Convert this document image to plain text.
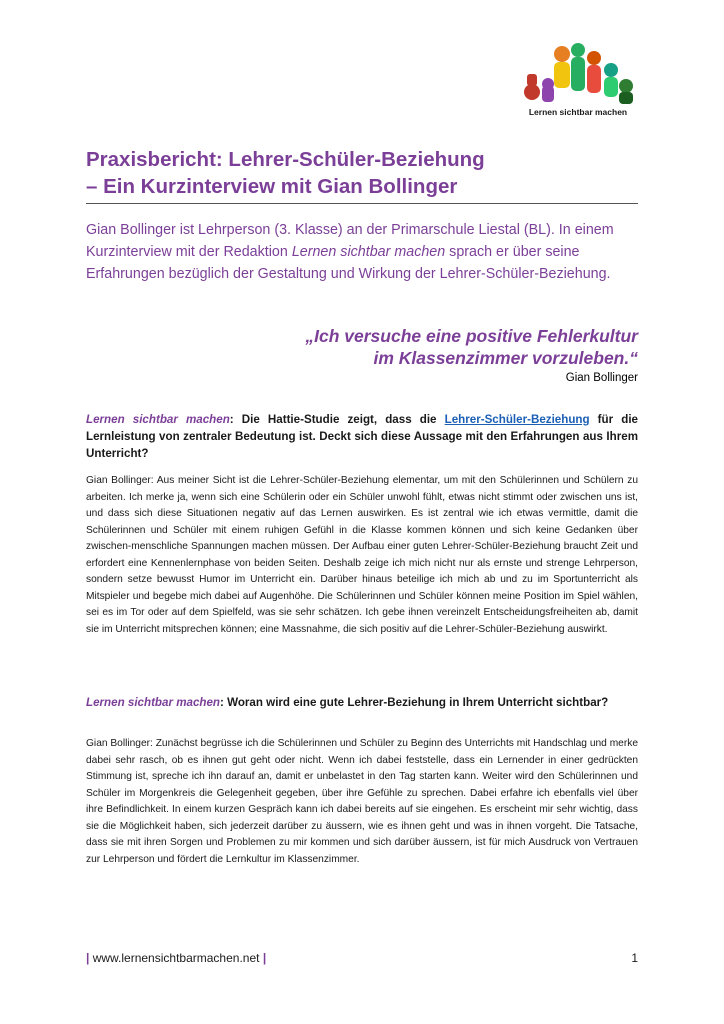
Lernen sichtbar machen
Praxisbericht: Lehrer-Schüler-Beziehung
– Ein Kurzinterview mit Gian Bollinger
Gian Bollinger ist Lehrperson (3. Klasse) an der Primarschule Liestal (BL). In einem Kurzinterview mit der Redaktion Lernen sichtbar machen sprach er über seine Erfahrungen bezüglich der Gestaltung und Wirkung der Lehrer-Schüler-Beziehung.
„Ich versuche eine positive Fehlerkultur
im Klassenzimmer vorzuleben.“
Gian Bollinger
Lernen sichtbar machen: Die Hattie-Studie zeigt, dass die Lehrer-Schüler-Beziehung für die Lernleistung von zentraler Bedeutung ist. Deckt sich diese Aussage mit den Erfahrungen aus Ihrem Unterricht?
Gian Bollinger: Aus meiner Sicht ist die Lehrer-Schüler-Beziehung elementar, um mit den Schülerinnen und Schülern zu arbeiten. Ich merke ja, wenn sich eine Schülerin oder ein Schüler unwohl fühlt, etwas nicht stimmt oder zwischen uns ist, und dass sich diese Situationen negativ auf das Lernen auswirken. Es ist zentral wie ich etwas vermittle, damit die Schülerinnen und Schüler mit einem ruhigen Gefühl in die Klasse kommen können und sich keine Gedanken über zwischen-menschliche Spannungen machen müssen. Der Aufbau einer guten Lehrer-Schüler-Beziehung braucht Zeit und erfordert eine Kennenlernphase von beiden Seiten. Deshalb zeige ich mich nicht nur als ernste und strenge Lehrperson, sondern setze bewusst Humor im Unterricht ein. Darüber hinaus beteilige ich mich ab und zu im Sportunterricht als Mitspieler und begebe mich dabei auf Augenhöhe. Die Schülerinnen und Schüler können meine Position im Spiel wählen, sei es im Tor oder auf dem Spielfeld, was sie sehr schätzen. Ich gebe ihnen vereinzelt Entscheidungsfreiheiten ab, damit sie im Unterricht mitsprechen können; eine Massnahme, die sich positiv auf die Lehrer-Schüler-Beziehung auswirkt.
Lernen sichtbar machen: Woran wird eine gute Lehrer-Beziehung in Ihrem Unterricht sichtbar?
Gian Bollinger: Zunächst begrüsse ich die Schülerinnen und Schüler zu Beginn des Unterrichts mit Handschlag und merke dabei sehr rasch, ob es ihnen gut geht oder nicht. Wenn ich dabei feststelle, dass ein Lernender in einer gedrückten Stimmung ist, spreche ich ihn darauf an, damit er unbelastet in den Tag starten kann. Weiter wird den Schülerinnen und Schüler im Morgenkreis die Gelegenheit gegeben, über ihre Gefühle zu sprechen. Dabei erfahre ich ebenfalls viel über ihre Befindlichkeit. In einem kurzen Gespräch kann ich dabei bereits auf sie eingehen. Es erscheint mir sehr wichtig, dass sie die Möglichkeit haben, sich jederzeit darüber zu äussern, wie es ihnen geht und was in ihnen vorgeht. Die Tatsache, dass sie mit ihren Sorgen und Problemen zu mir kommen und sich darüber äussern, ist für mich Ausdruck von Vertrauen zur Lehrperson und fördert die Lernkultur im Klassenzimmer.
| www.lernensichtbarmachen.net |	1
